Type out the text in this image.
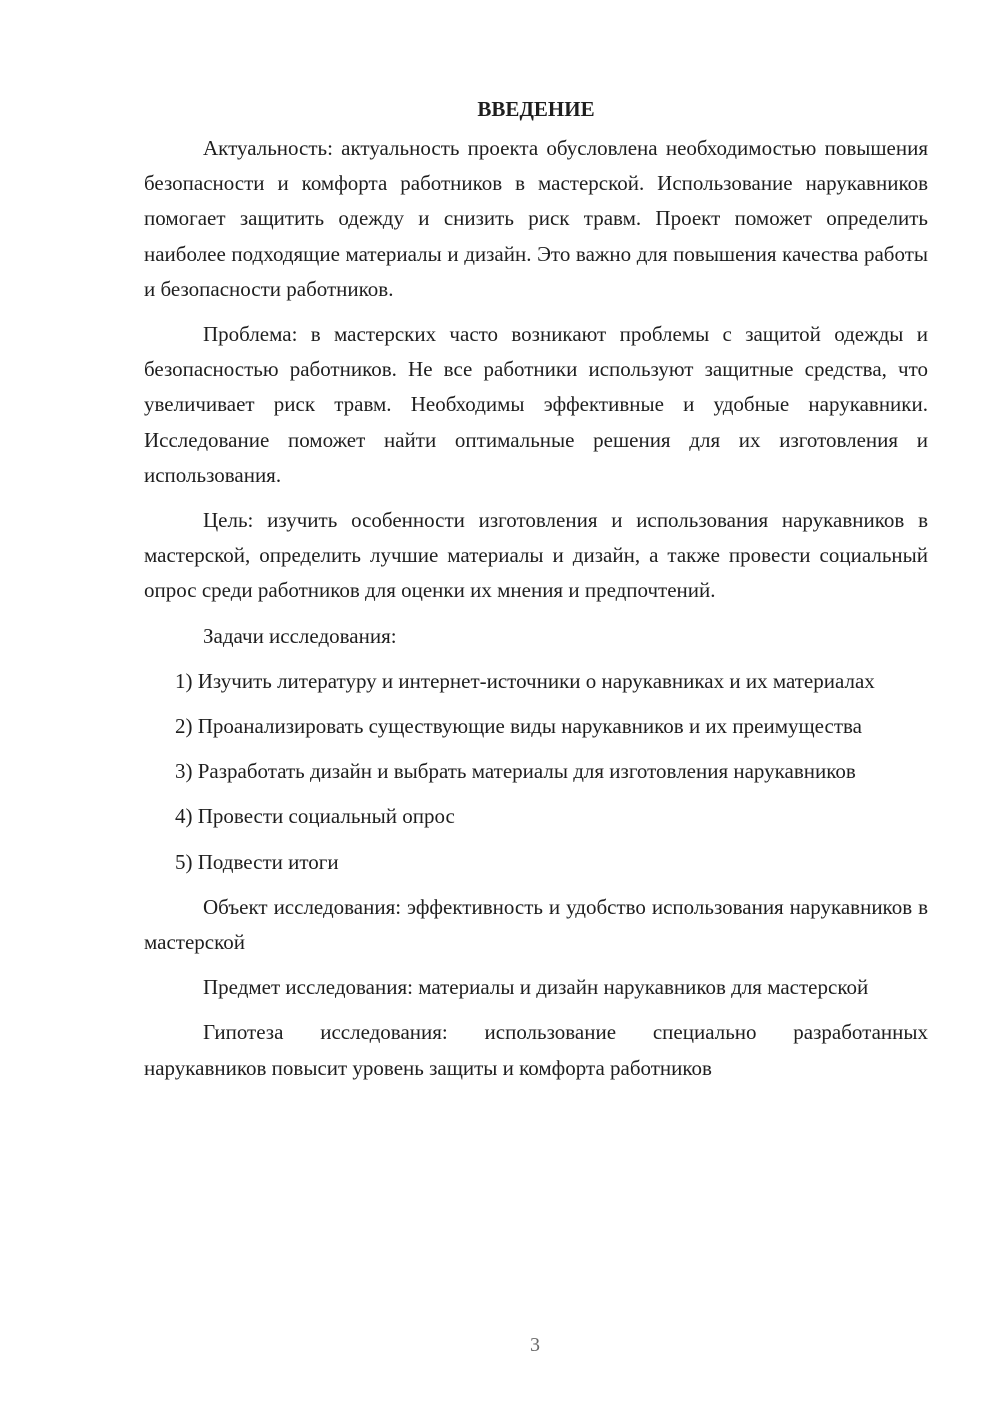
ВВЕДЕНИЕ

Актуальность: актуальность проекта обусловлена необходимостью повышения безопасности и комфорта работников в мастерской. Использование нарукавников помогает защитить одежду и снизить риск травм. Проект поможет определить наиболее подходящие материалы и дизайн. Это важно для повышения качества работы и безопасности работников.

Проблема: в мастерских часто возникают проблемы с защитой одежды и безопасностью работников. Не все работники используют защитные средства, что увеличивает риск травм. Необходимы эффективные и удобные нарукавники. Исследование поможет найти оптимальные решения для их изготовления и использования.

Цель: изучить особенности изготовления и использования нарукавников в мастерской, определить лучшие материалы и дизайн, а также провести социальный опрос среди работников для оценки их мнения и предпочтений.

Задачи исследования:

1) Изучить литературу и интернет-источники о нарукавниках и их материалах

2) Проанализировать существующие виды нарукавников и их преимущества

3) Разработать дизайн и выбрать материалы для изготовления нарукавников

4) Провести социальный опрос

5) Подвести итоги

Объект исследования: эффективность и удобство использования нарукавников в мастерской

Предмет исследования: материалы и дизайн нарукавников для мастерской

Гипотеза исследования: использование специально разработанных нарукавников повысит уровень защиты и комфорта работников

3
